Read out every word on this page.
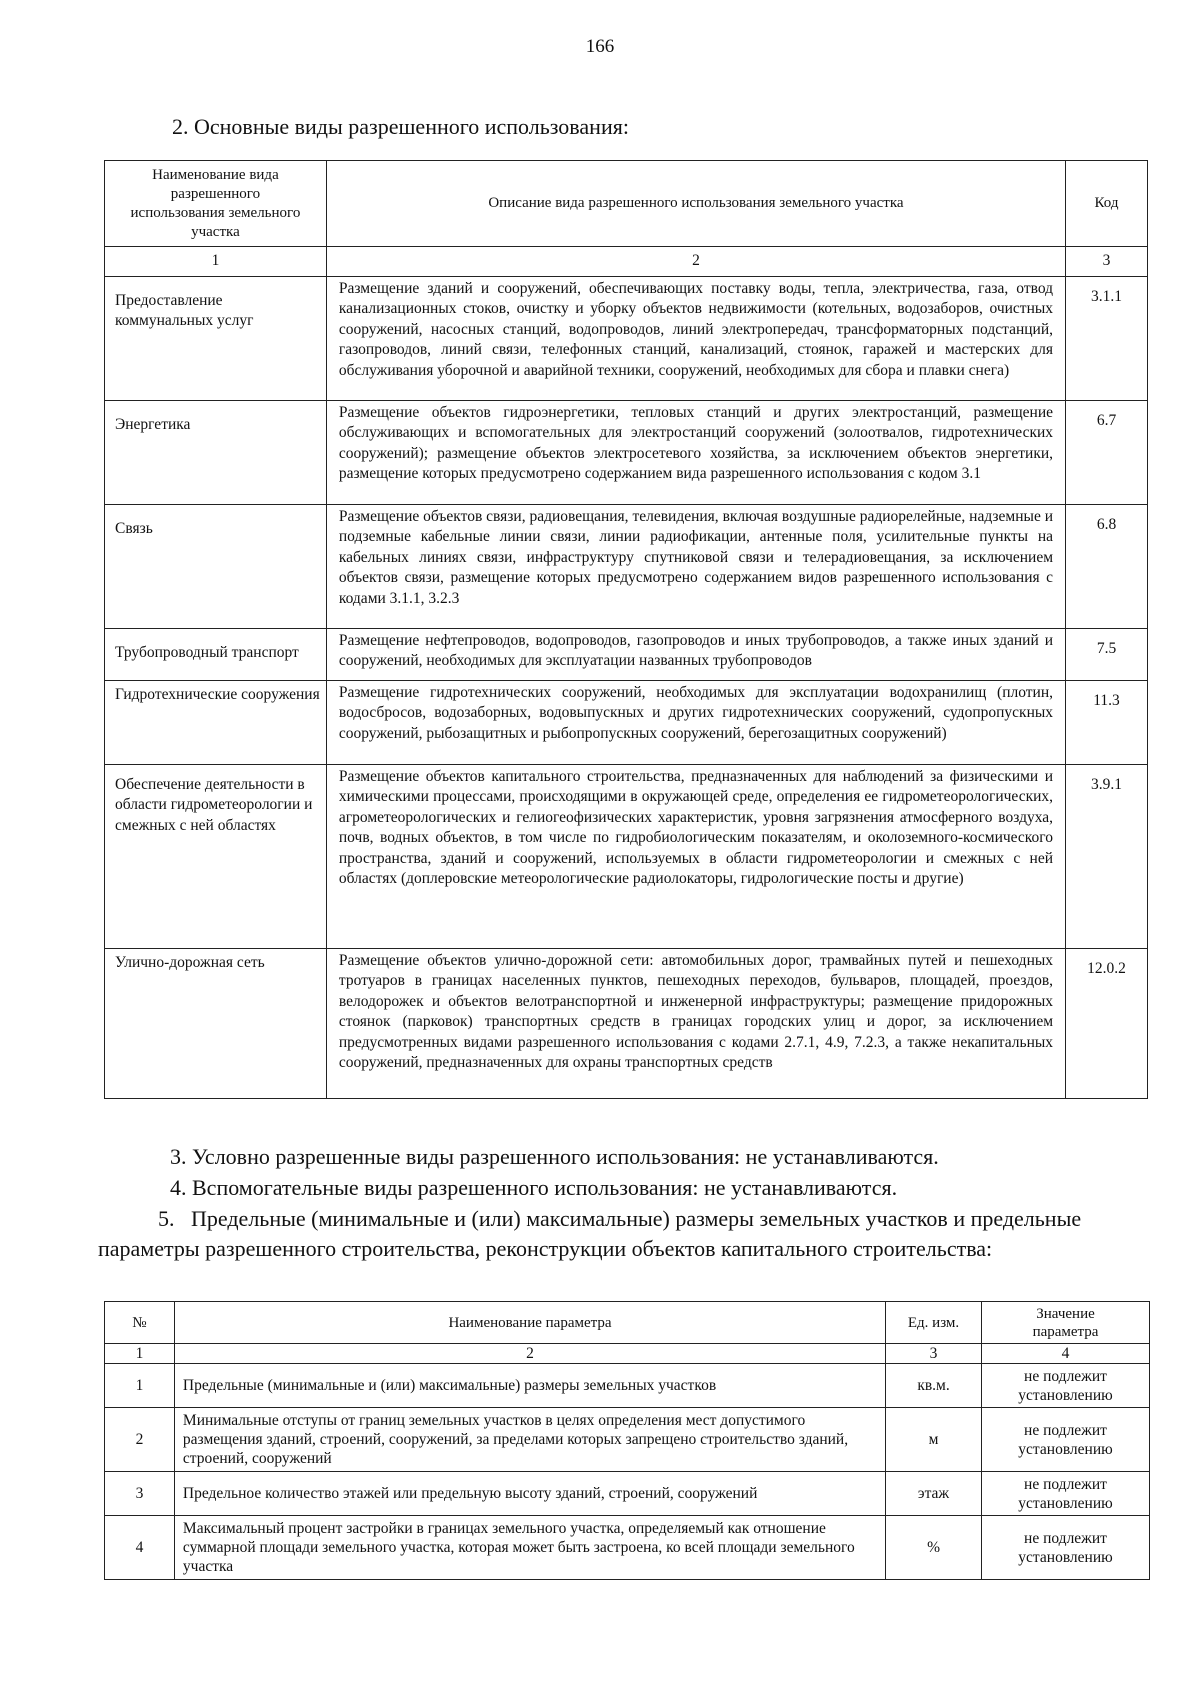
166
2. Основные виды разрешенного использования:
Наименование вида разрешенного использования земельного участка	Описание вида разрешенного использования земельного участка	Код
1	2	3
Предоставление коммунальных услуг	Размещение зданий и сооружений, обеспечивающих поставку воды, тепла, электричества, газа, отвод канализационных стоков, очистку и уборку объектов недвижимости (котельных, водозаборов, очистных сооружений, насосных станций, водопроводов, линий электропередач, трансформаторных подстанций, газопроводов, линий связи, телефонных станций, канализаций, стоянок, гаражей и мастерских для обслуживания уборочной и аварийной техники, сооружений, необходимых для сбора и плавки снега)	3.1.1
Энергетика	Размещение объектов гидроэнергетики, тепловых станций и других электростанций, размещение обслуживающих и вспомогательных для электростанций сооружений (золоотвалов, гидротехнических сооружений); размещение объектов электросетевого хозяйства, за исключением объектов энергетики, размещение которых предусмотрено содержанием вида разрешенного использования с кодом 3.1	6.7
Связь	Размещение объектов связи, радиовещания, телевидения, включая воздушные радиорелейные, надземные и подземные кабельные линии связи, линии радиофикации, антенные поля, усилительные пункты на кабельных линиях связи, инфраструктуру спутниковой связи и телерадиовещания, за исключением объектов связи, размещение которых предусмотрено содержанием видов разрешенного использования с кодами 3.1.1, 3.2.3	6.8
Трубопроводный транспорт	Размещение нефтепроводов, водопроводов, газопроводов и иных трубопроводов, а также иных зданий и сооружений, необходимых для эксплуатации названных трубопроводов	7.5
Гидротехнические сооружения	Размещение гидротехнических сооружений, необходимых для эксплуатации водохранилищ (плотин, водосбросов, водозаборных, водовыпускных и других гидротехнических сооружений, судопропускных сооружений, рыбозащитных и рыбопропускных сооружений, берегозащитных сооружений)	11.3
Обеспечение деятельности в области гидрометеорологии и смежных с ней областях	Размещение объектов капитального строительства, предназначенных для наблюдений за физическими и химическими процессами, происходящими в окружающей среде, определения ее гидрометеорологических, агрометеорологических и гелиогеофизических характеристик, уровня загрязнения атмосферного воздуха, почв, водных объектов, в том числе по гидробиологическим показателям, и околоземного-космического пространства, зданий и сооружений, используемых в области гидрометеорологии и смежных с ней областях (доплеровские метеорологические радиолокаторы, гидрологические посты и другие)	3.9.1
Улично-дорожная сеть	Размещение объектов улично-дорожной сети: автомобильных дорог, трамвайных путей и пешеходных тротуаров в границах населенных пунктов, пешеходных переходов, бульваров, площадей, проездов, велодорожек и объектов велотранспортной и инженерной инфраструктуры; размещение придорожных стоянок (парковок) транспортных средств в границах городских улиц и дорог, за исключением предусмотренных видами разрешенного использования с кодами 2.7.1, 4.9, 7.2.3, а также некапитальных сооружений, предназначенных для охраны транспортных средств	12.0.2
3. Условно разрешенные виды разрешенного использования: не устанавливаются.
4. Вспомогательные виды разрешенного использования: не устанавливаются.
5.   Предельные (минимальные и (или) максимальные) размеры земельных участков и предельные параметры разрешенного строительства, реконструкции объектов капитального строительства:
№	Наименование параметра	Ед. изм.	Значение параметра
1	2	3	4
1	Предельные (минимальные и (или) максимальные) размеры земельных участков	кв.м.	не подлежит установлению
2	Минимальные отступы от границ земельных участков в целях определения мест допустимого размещения зданий, строений, сооружений, за пределами которых запрещено строительство зданий, строений, сооружений	м	не подлежит установлению
3	Предельное количество этажей или предельную высоту зданий, строений, сооружений	этаж	не подлежит установлению
4	Максимальный процент застройки в границах земельного участка, определяемый как отношение суммарной площади земельного участка, которая может быть застроена, ко всей площади земельного участка	%	не подлежит установлению
